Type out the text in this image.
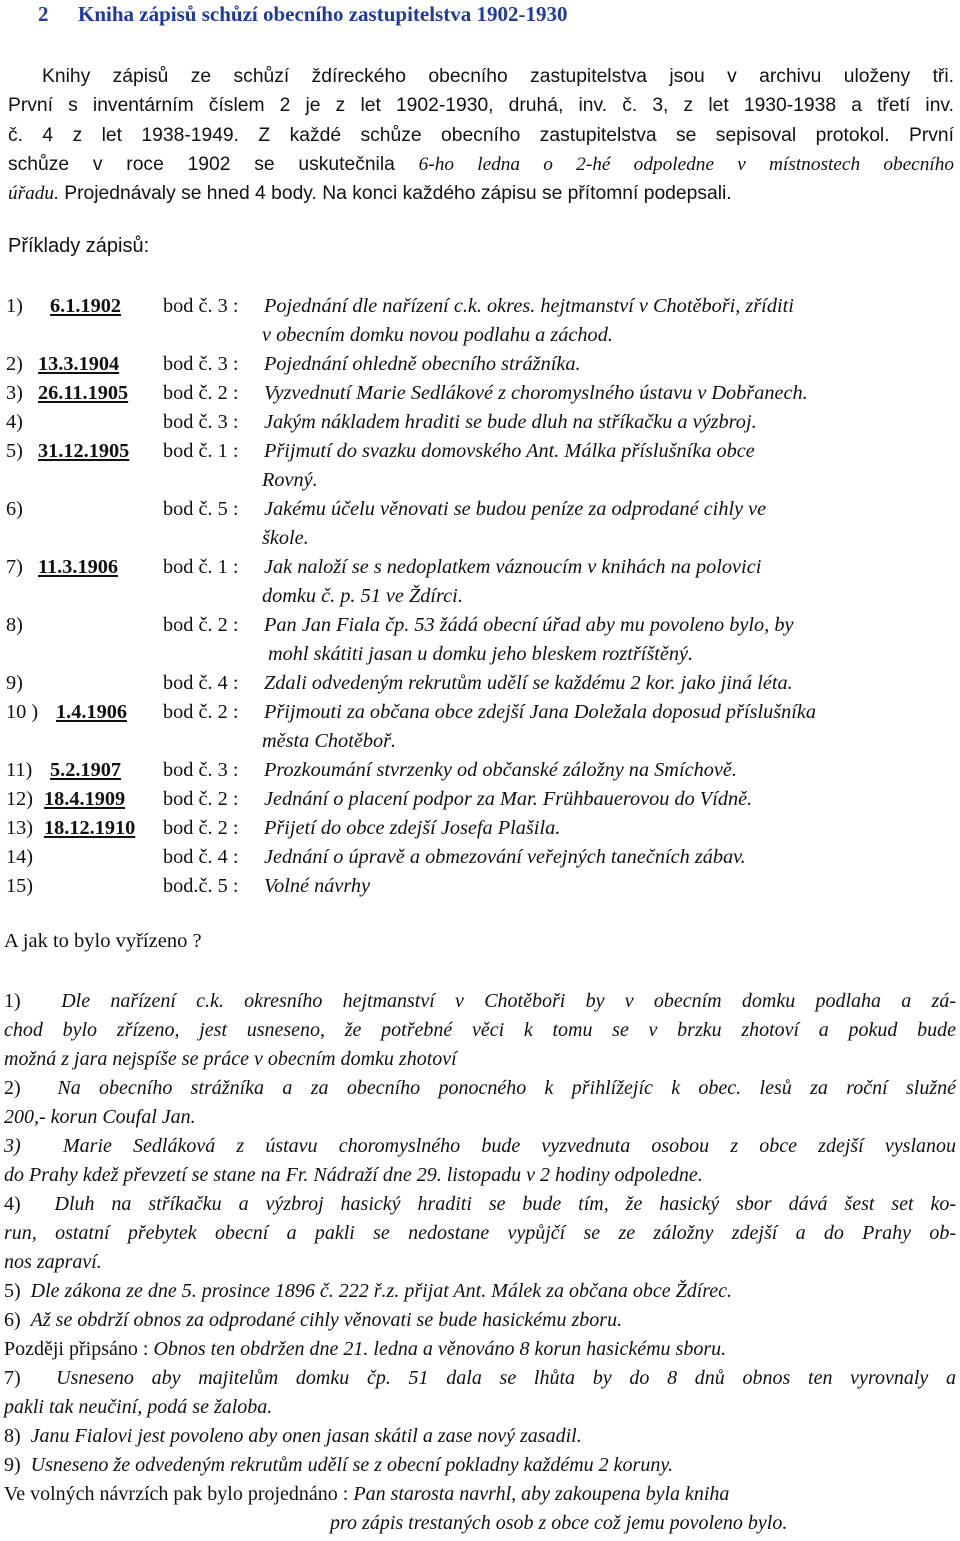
2 Kniha zápisů schůzí obecního zastupitelstva 1902-1930

Knihy zápisů ze schůzí ždíreckého obecního zastupitelstva jsou v archivu uloženy tři.

První s inventárním číslem 2 je z let 1902-1930, druhá, inv. č. 3, z let 1930-1938 a třetí inv.

č. 4 z let 1938-1949. Z každé schůze obecního zastupitelstva se sepisoval protokol. První

schůze v roce 1902 se uskutečnila 6-ho ledna o 2-hé odpoledne v místnostech obecního

úřadu. Projednávaly se hned 4 body. Na konci každého zápisu se přítomní podepsali.

Příklady zápisů:
1) 6.1.1902 bod č. 3 : Pojednání dle nařízení c.k. okres. hejtmanství v Chotěboři, zříditi
v obecním domku novou podlahu a záchod.
2) 13.3.1904 bod č. 3 : Pojednání ohledně obecního strážníka.
3) 26.11.1905 bod č. 2 : Vyzvednutí Marie Sedlákové z choromyslného ústavu v Dobřanech.
4)	bod č. 3 : Jakým nákladem hraditi se bude dluh na stříkačku a výzbroj.
5) 31.12.1905 bod č. 1 : Přijmutí do svazku domovského Ant. Málka příslušníka obce
Rovný.
6)	bod č. 5 : Jakému účelu věnovati se budou peníze za odprodané cihly ve
škole.
7) 11.3.1906 bod č. 1 : Jak naloží se s nedoplatkem váznoucím v knihách na polovici
domku č. p. 51 ve Ždírci.
8)	bod č. 2 : Pan Jan Fiala čp. 53 žádá obecní úřad aby mu povoleno bylo, by
mohl skátiti jasan u domku jeho bleskem roztříštěný.
9)	bod č. 4 : Zdali odvedeným rekrutům udělí se každému 2 kor. jako jiná léta.
10 ) 1.4.1906 bod č. 2 : Přijmouti za občana obce zdejší Jana Doležala doposud příslušníka
města Chotěboř.
11) 5.2.1907 bod č. 3 : Prozkoumání stvrzenky od občanské záložny na Smíchově.
12) 18.4.1909 bod č. 2 : Jednání o placení podpor za Mar. Frühbauerovou do Vídně.
13) 18.12.1910 bod č. 2 : Přijetí do obce zdejší Josefa Plašila.
14)	bod č. 4 : Jednání o úpravě a obmezování veřejných tanečních zábav.
15)	bod.č. 5 : Volné návrhy
A jak to bylo vyřízeno ?

1) Dle nařízení c.k. okresního hejtmanství v Chotěboři by v obecním domku podlaha a zá-

chod bylo zřízeno, jest usneseno, že potřebné věci k tomu se v brzku zhotoví a pokud bude

možná z jara nejspíše se práce v obecním domku zhotoví

2) Na obecního strážníka a za obecního ponocného k přihlížejíc k obec. lesů za roční služné

200,- korun Coufal Jan.

3) Marie Sedláková z ústavu choromyslného bude vyzvednuta osobou z obce zdejší vyslanou

do Prahy kdež převzetí se stane na Fr. Nádraží dne 29. listopadu v 2 hodiny odpoledne.

4) Dluh na stříkačku a výzbroj hasický hraditi se bude tím, že hasický sbor dává šest set ko-

run, ostatní přebytek obecní a pakli se nedostane vypůjčí se ze záložny zdejší a do Prahy ob-

nos zapraví.

5) Dle zákona ze dne 5. prosince 1896 č. 222 ř.z. přijat Ant. Málek za občana obce Ždírec.

6) Až se obdrží obnos za odprodané cihly věnovati se bude hasickému zboru.

Později připsáno : Obnos ten obdržen dne 21. ledna a věnováno 8 korun hasickému sboru.

7) Usneseno aby majitelům domku čp. 51 dala se lhůta by do 8 dnů obnos ten vyrovnaly a

pakli tak neučiní, podá se žaloba.

8) Janu Fialovi jest povoleno aby onen jasan skátil a zase nový zasadil.

9) Usneseno že odvedeným rekrutům udělí se z obecní pokladny každému 2 koruny.

Ve volných návrzích pak bylo projednáno : Pan starosta navrhl, aby zakoupena byla kniha

pro zápis trestaných osob z obce což jemu povoleno bylo.
